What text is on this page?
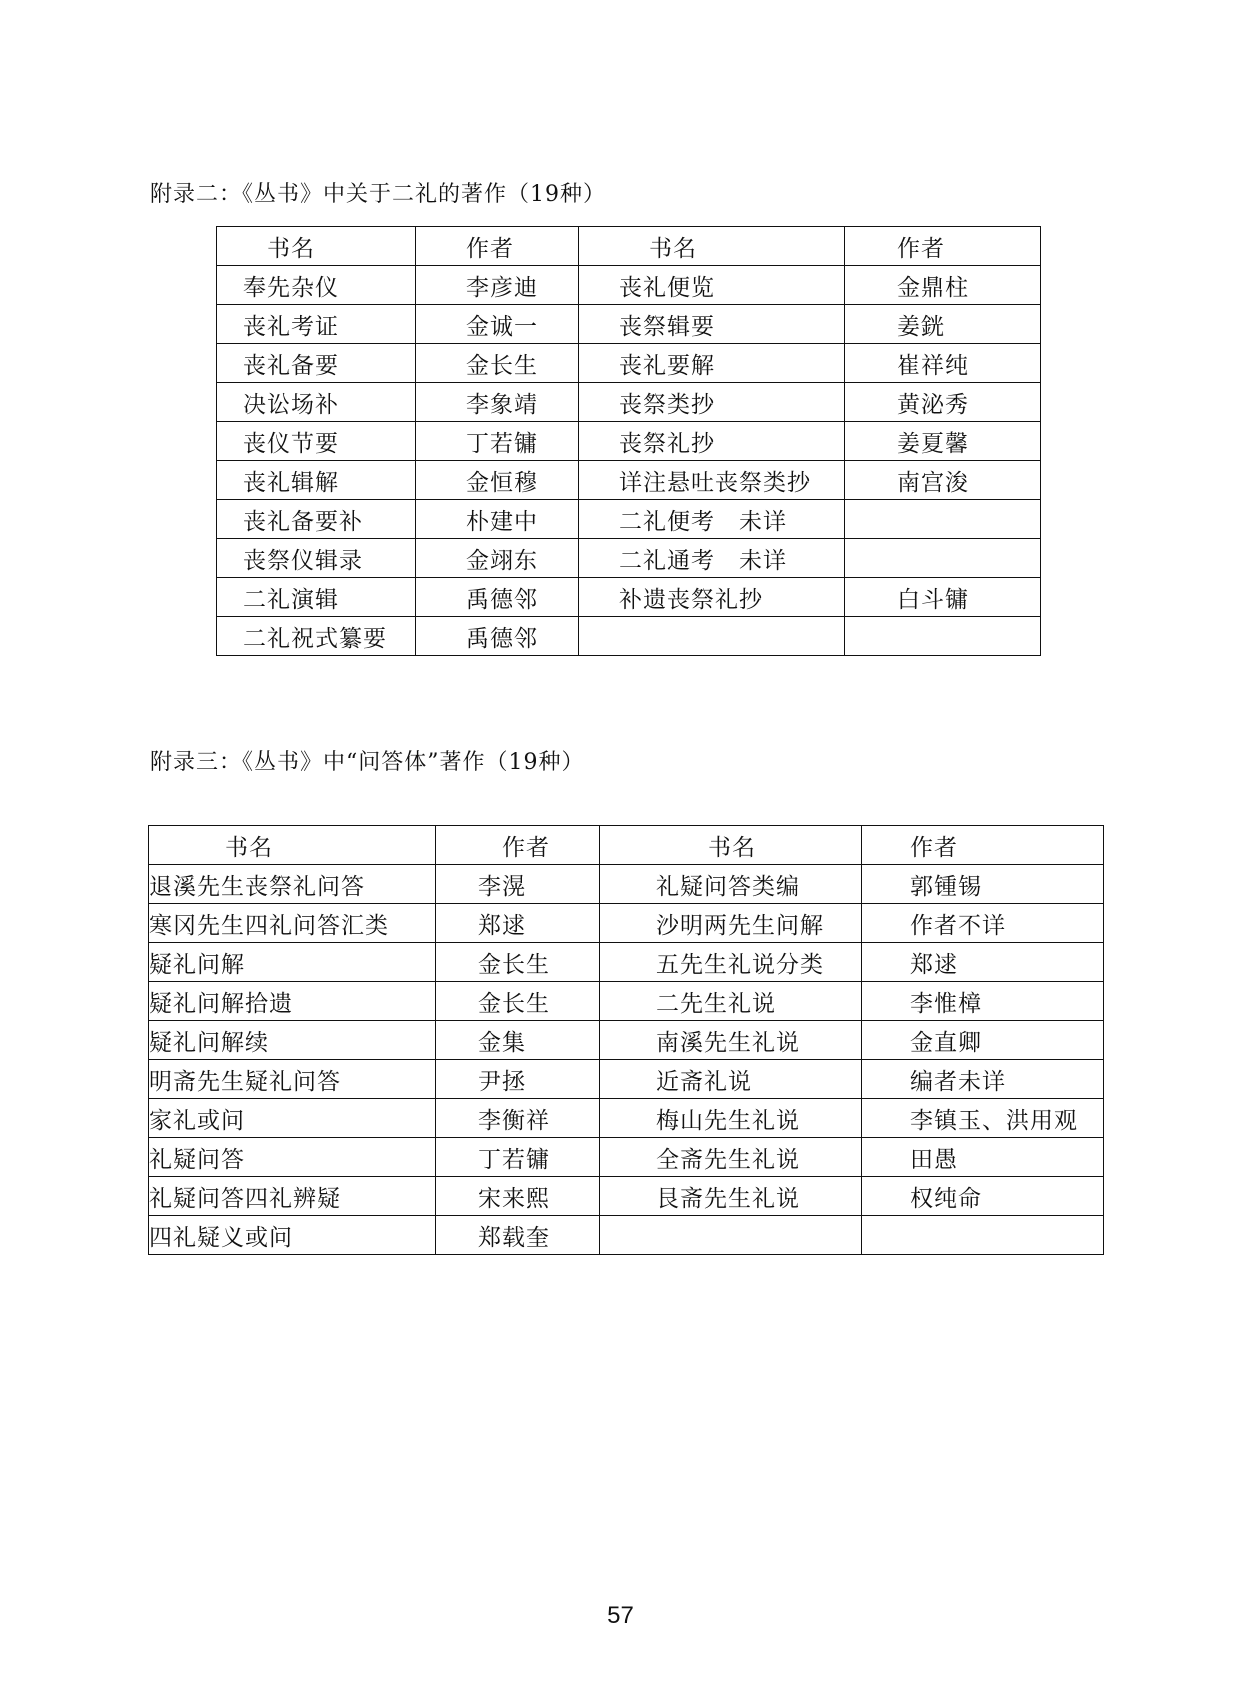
附录二：《丛书》中关于二礼的著作（19种）
书名	作者	书名	作者
奉先杂仪	李彦迪	丧礼便览	金鼎柱
丧礼考证	金诚一	丧祭辑要	姜銧
丧礼备要	金长生	丧礼要解	崔祥纯
决讼场补	李象靖	丧祭类抄	黄泌秀
丧仪节要	丁若镛	丧祭礼抄	姜夏馨
丧礼辑解	金恒穆	详注悬吐丧祭类抄	南宫浚
丧礼备要补	朴建中	二礼便考　未详	
丧祭仪辑录	金翊东	二礼通考　未详	
二礼演辑	禹德邻	补遗丧祭礼抄	白斗镛
二礼祝式纂要	禹德邻		
附录三：《丛书》中“问答体”著作（19种）
书名	作者	书名	作者
退溪先生丧祭礼问答	李滉	礼疑问答类编	郭锺锡
寒冈先生四礼问答汇类	郑逑	沙明两先生问解	作者不详
疑礼问解	金长生	五先生礼说分类	郑逑
疑礼问解拾遗	金长生	二先生礼说	李惟樟
疑礼问解续	金集	南溪先生礼说	金直卿
明斋先生疑礼问答	尹拯	近斋礼说	编者未详
家礼或问	李衡祥	梅山先生礼说	李镇玉、洪用观
礼疑问答	丁若镛	全斋先生礼说	田愚
礼疑问答四礼辨疑	宋来熙	艮斋先生礼说	权纯命
四礼疑义或问	郑载奎		
57
